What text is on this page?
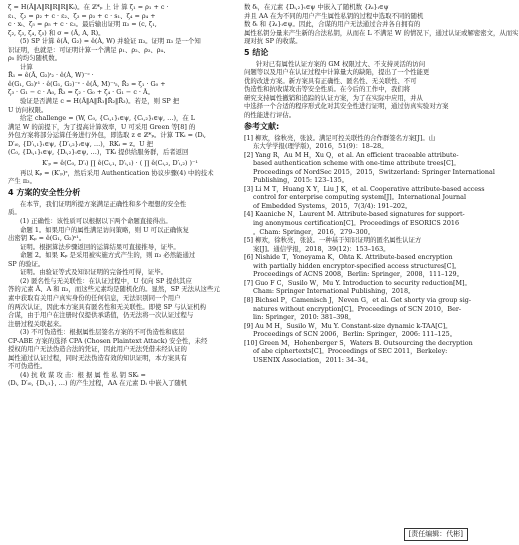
ζ = H(Â‖A‖R‖R‖R‖Kᵢ)。在 ℤ*ₚ 上 计 算 ζ₁ = ρ₁ + c ·
ε₁、ζ₂ = ρ₂ + c · ε₂、ζ₃ = ρ₃ + c · s₁、ζ₄ = ρ₄ +
c · xᵢ、ζ₅ = ρ₅ + c · ε₃。最后输出证明 π₃ = (c, ζ₁,
ζ₂, ζ₃, ζ₄, ζ₅) 和 σ = (Â, A, R)。
(5) SP 计算 ê(Â, G₂) = ê(À, W) 并验证 π₃。证明 π₃ 是一个知
识证明，也就是：可证明计算一个满足 ρ₁、ρ₂、ρ₃、ρ₄、
ρ₅ 的均匀随机数。
计算
R̃₁ = ê(Â, G₂)ᶦ₂ · ê(À, W)⁻ᶜ ·
ê(G₁, G₂)ᶦ¹ · ê(G₁, G₂)⁻ᶜ · ê(Â, M)⁻ᶦ₅, R̃₂ = ζ₁ · G₀ +
ζ₃ · G₁ − c · A₀, R̃₃ = ζ₂ · G₀ + ζ₄ · G₁ − c · Â。
验证是否满足 c = H(Â‖A‖R̃₁‖R̃₂‖R̃₃)。若是，则 SP 把
U 访问权限。
给定 challenge = (W, C₀, {Cᵢ,₁}ᵢ∈ψ, {Cᵢ,₂}ᵢ∈ψ, …)，在 L
满足 W 的前提下，为了提高计算效率，U 可采用 Green 等[8] 的
外包方案将部分运算任务进行外包，即选取 z ∈ ℤ*ₚ。计算 TKᵢ = (Dᵢ,
D′ᵢ₀, {D′ᵢ,₁}ᵢ∈ψ, {D′ᵢ,₂}ᵢ∈ψ, …)，RKᵢ = z。U 把
(C₀, {Dᵢ,₁}ᵢ∈ψ, {Dᵢ,₂}ᵢ∈ψ, …)，TKᵢ 提供给服务群，后者返回
K′ₚ = ê(C₀, D′ᵢ) ∏ ê(Cᵢ,₁, D′ᵢ,₁) · ( ∏ ê(Cᵢ,₂, D′ᵢ,₂) )⁻¹
再以 Kₚ = (K′ₚ)ᶻ，然后采用 Authentication 协议步骤(4) 中的技术
产生 π₃。
4 方案的安全性分析
在本节，我们证明所提方案满足正确性和多个理想的安全性
质。
(1) 正确性：该性质可以根据以下两个命题直接得出。
命题 1。如果用户的属性满足访问策略，则 U 可以正确恢复
出密钥 Kₚ = ê(G₁, G₂)ˢ¹。
证明。根据算法步骤返回的运算结果可直接推导，证毕。
命题 2。如果 Kₚ 是采用被实施方式产生的，则 π₃ 必然能通过
SP 的验证。
证明。由验证等式及知识证明的完备性可得，证毕。
(2) 匿名性与无关联性：在认证过程中，U 仅向 SP 提供其应
答的元素 Â、A 和 π₃，而这些元素均是随机化的。显然，SP 无法从这些元
素中获取有关用户真实身份的任何信息，无法识别同一个用户
的两次认证，因此本方案具有匿名性和无关联性。即使 SP 与认证机构
合谋，由于用户在注册时仅提供承诺值，仍无法将一次认证过程与
注册过程关联起来。
(3) 不可伪造性：根据属性层签名方案的不可伪造性和底层
CP-ABE 方案的选择 CPA (Chosen Plaintext Attack) 安全性，未经
授权的用户无法伪造合法的凭证，因此用户无法凭借未经认证的
属性通过认证过程，同时无法伪造有效的知识证明，本方案具有
不可伪造性。
(4) 抗 收 谋 攻 击：根 据 属 性 私 钥 SKᵢ =
(Dᵢ, D′ᵢ₀, {Dᵢ,₁}, …) 的产生过程，AA 在元素 Dᵢ 中嵌入了随机
数 δᵢ，在元素 {Dᵢ,₂}ᵢ∈ψ 中嵌入了随机数 {λᵢ}ᵢ∈ψ
并且 AA 在为不同的用户产生属性私钥的过程中选取不同的随机
数 δᵢ 和 {λᵢ}ᵢ∈ψ。因此，合谋的用户无法通过合并各自拥有的
属性私钥分量来产生新的合法私钥，从而在 L 不满足 W 的情况下，通过认证或解密密文，从而实
现对抗 SP 的收谋。
5 结论
针对已有属性认证方案的 GM 权限过大、不支持灵活的访问
问题等以及用户在认证过程中计算量大的缺陷，提出了一个性能更
优的改进方案。新方案具有正确性、匿名性、无关联性、不可
伪造性和抗收谋攻击等安全性质。在今后的工作中，我们将
研究支持属性撤销和追踪的认证方案，为了在实际中应用，并从
中选择一个合适的程序形式化对其安全性进行证明，通过仿真实验对方案
的性能进行评估。
参考文献:
[1] 柳欢，徐秋亮，张波。满足可控关联性的合作群签名方案[J]。山
东大学学报(理学版)，2016，51(9)：18–28。
[2] Yang R，Au M H，Xu Q，et al. An efficient traceable attribute-
based authentication scheme with one-time attribute trees[C]。
Proceedings of NordSec 2015，2015，Switzerland: Springer International
Publishing，2015: 123–135。
[3] Li M T，Huang X Y，Liu J K，et al. Cooperative attribute-based access
control for enterprise computing system[J]。International Journal
of Embedded Systems，2015，7(3/4): 191–202。
[4] Kaaniche N，Laurent M. Attribute-based signatures for support-
ing anonymous certification[C]。Proceedings of ESORICS 2016
。Cham: Springer，2016，279–300。
[5] 柳欢，徐秋亮，张波。一种基于知识证明的匿名属性认证方
案[J]。通信学报，2018，39(12)：153–163。
[6] Nishide T，Yoneyama K，Ohta K. Attribute-based encryption
with partially hidden encryptor-specified access structures[C]。
Proceedings of ACNS 2008，Berlin: Springer，2008，111–129。
[7] Guo F C，Susilo W，Mu Y. Introduction to security reduction[M]。
Cham: Springer International Publishing，2018。
[8] Bichsel P，Camenisch J，Neven G，et al. Get shorty via group sig-
natures without encryption[C]。Proceedings of SCN 2010，Ber-
lin: Springer，2010: 381–398。
[9] Au M H，Susilo W，Mu Y. Constant-size dynamic k-TAA[C]。
Proceedings of SCN 2006，Berlin: Springer，2006: 111–125。
[10] Green M，Hohenberger S，Waters B. Outsourcing the decryption
of abe ciphertexts[C]。Proceedings of SEC 2011，Berkeley:
USENIX Association，2011: 34–34。
[责任编辑：代彬]
